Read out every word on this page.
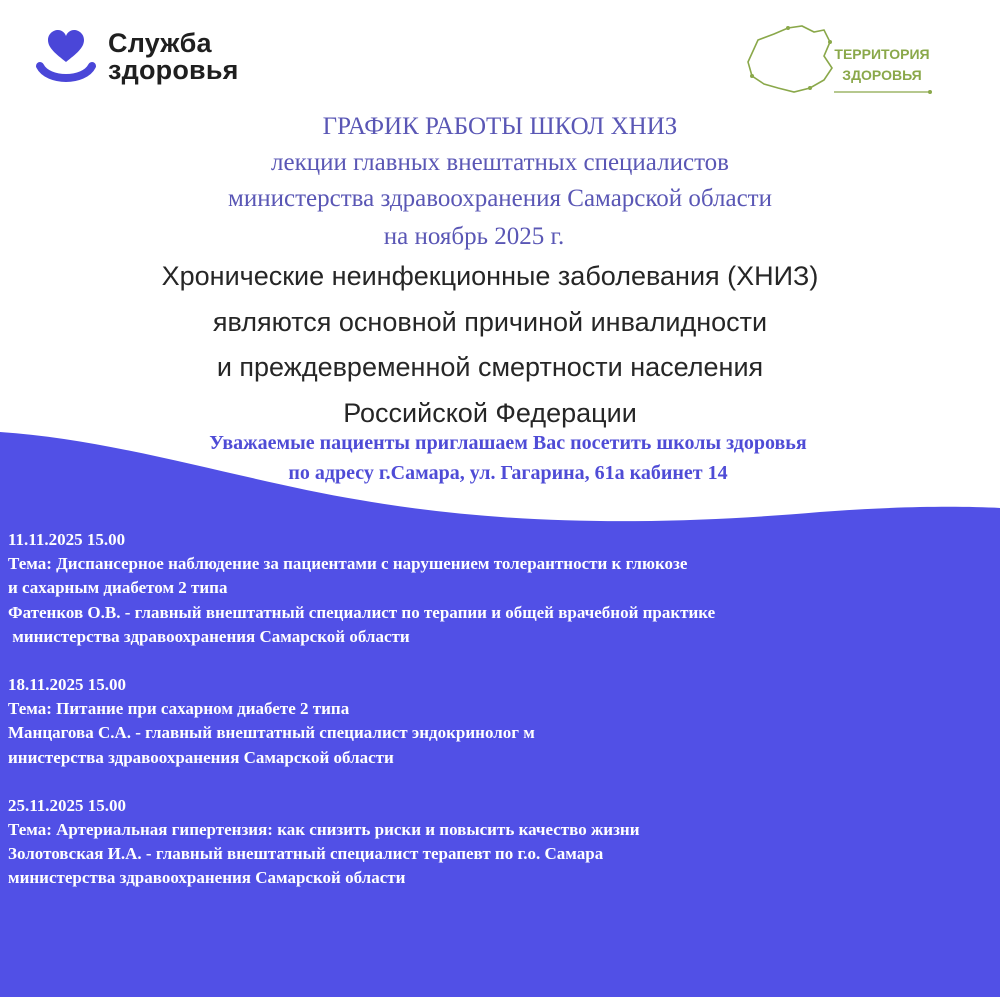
Служба
здоровья
ТЕРРИТОРИЯ
ЗДОРОВЬЯ
ГРАФИК РАБОТЫ ШКОЛ ХНИЗ
лекции главных внештатных специалистов
министерства здравоохранения Самарской области
на ноябрь 2025 г.
Хронические неинфекционные заболевания (ХНИЗ)
являются основной причиной инвалидности
и преждевременной смертности населения
Российской Федерации
Уважаемые пациенты приглашаем Вас посетить школы здоровья
по адресу г.Самара, ул. Гагарина, 61а кабинет 14
11.11.2025 15.00
Тема: Диспансерное наблюдение за пациентами с нарушением толерантности к глюкозе
и сахарным диабетом 2 типа
Фатенков О.В. - главный внештатный специалист по терапии и общей врачебной практике
министерства здравоохранения Самарской области
18.11.2025 15.00
Тема: Питание при сахарном диабете 2 типа
Манцагова С.А. - главный внештатный специалист эндокринолог м
инистерства здравоохранения Самарской области
25.11.2025 15.00
Тема: Артериальная гипертензия: как снизить риски и повысить качество жизни
Золотовская И.А. - главный внештатный специалист терапевт по г.о. Самара
министерства здравоохранения Самарской области
